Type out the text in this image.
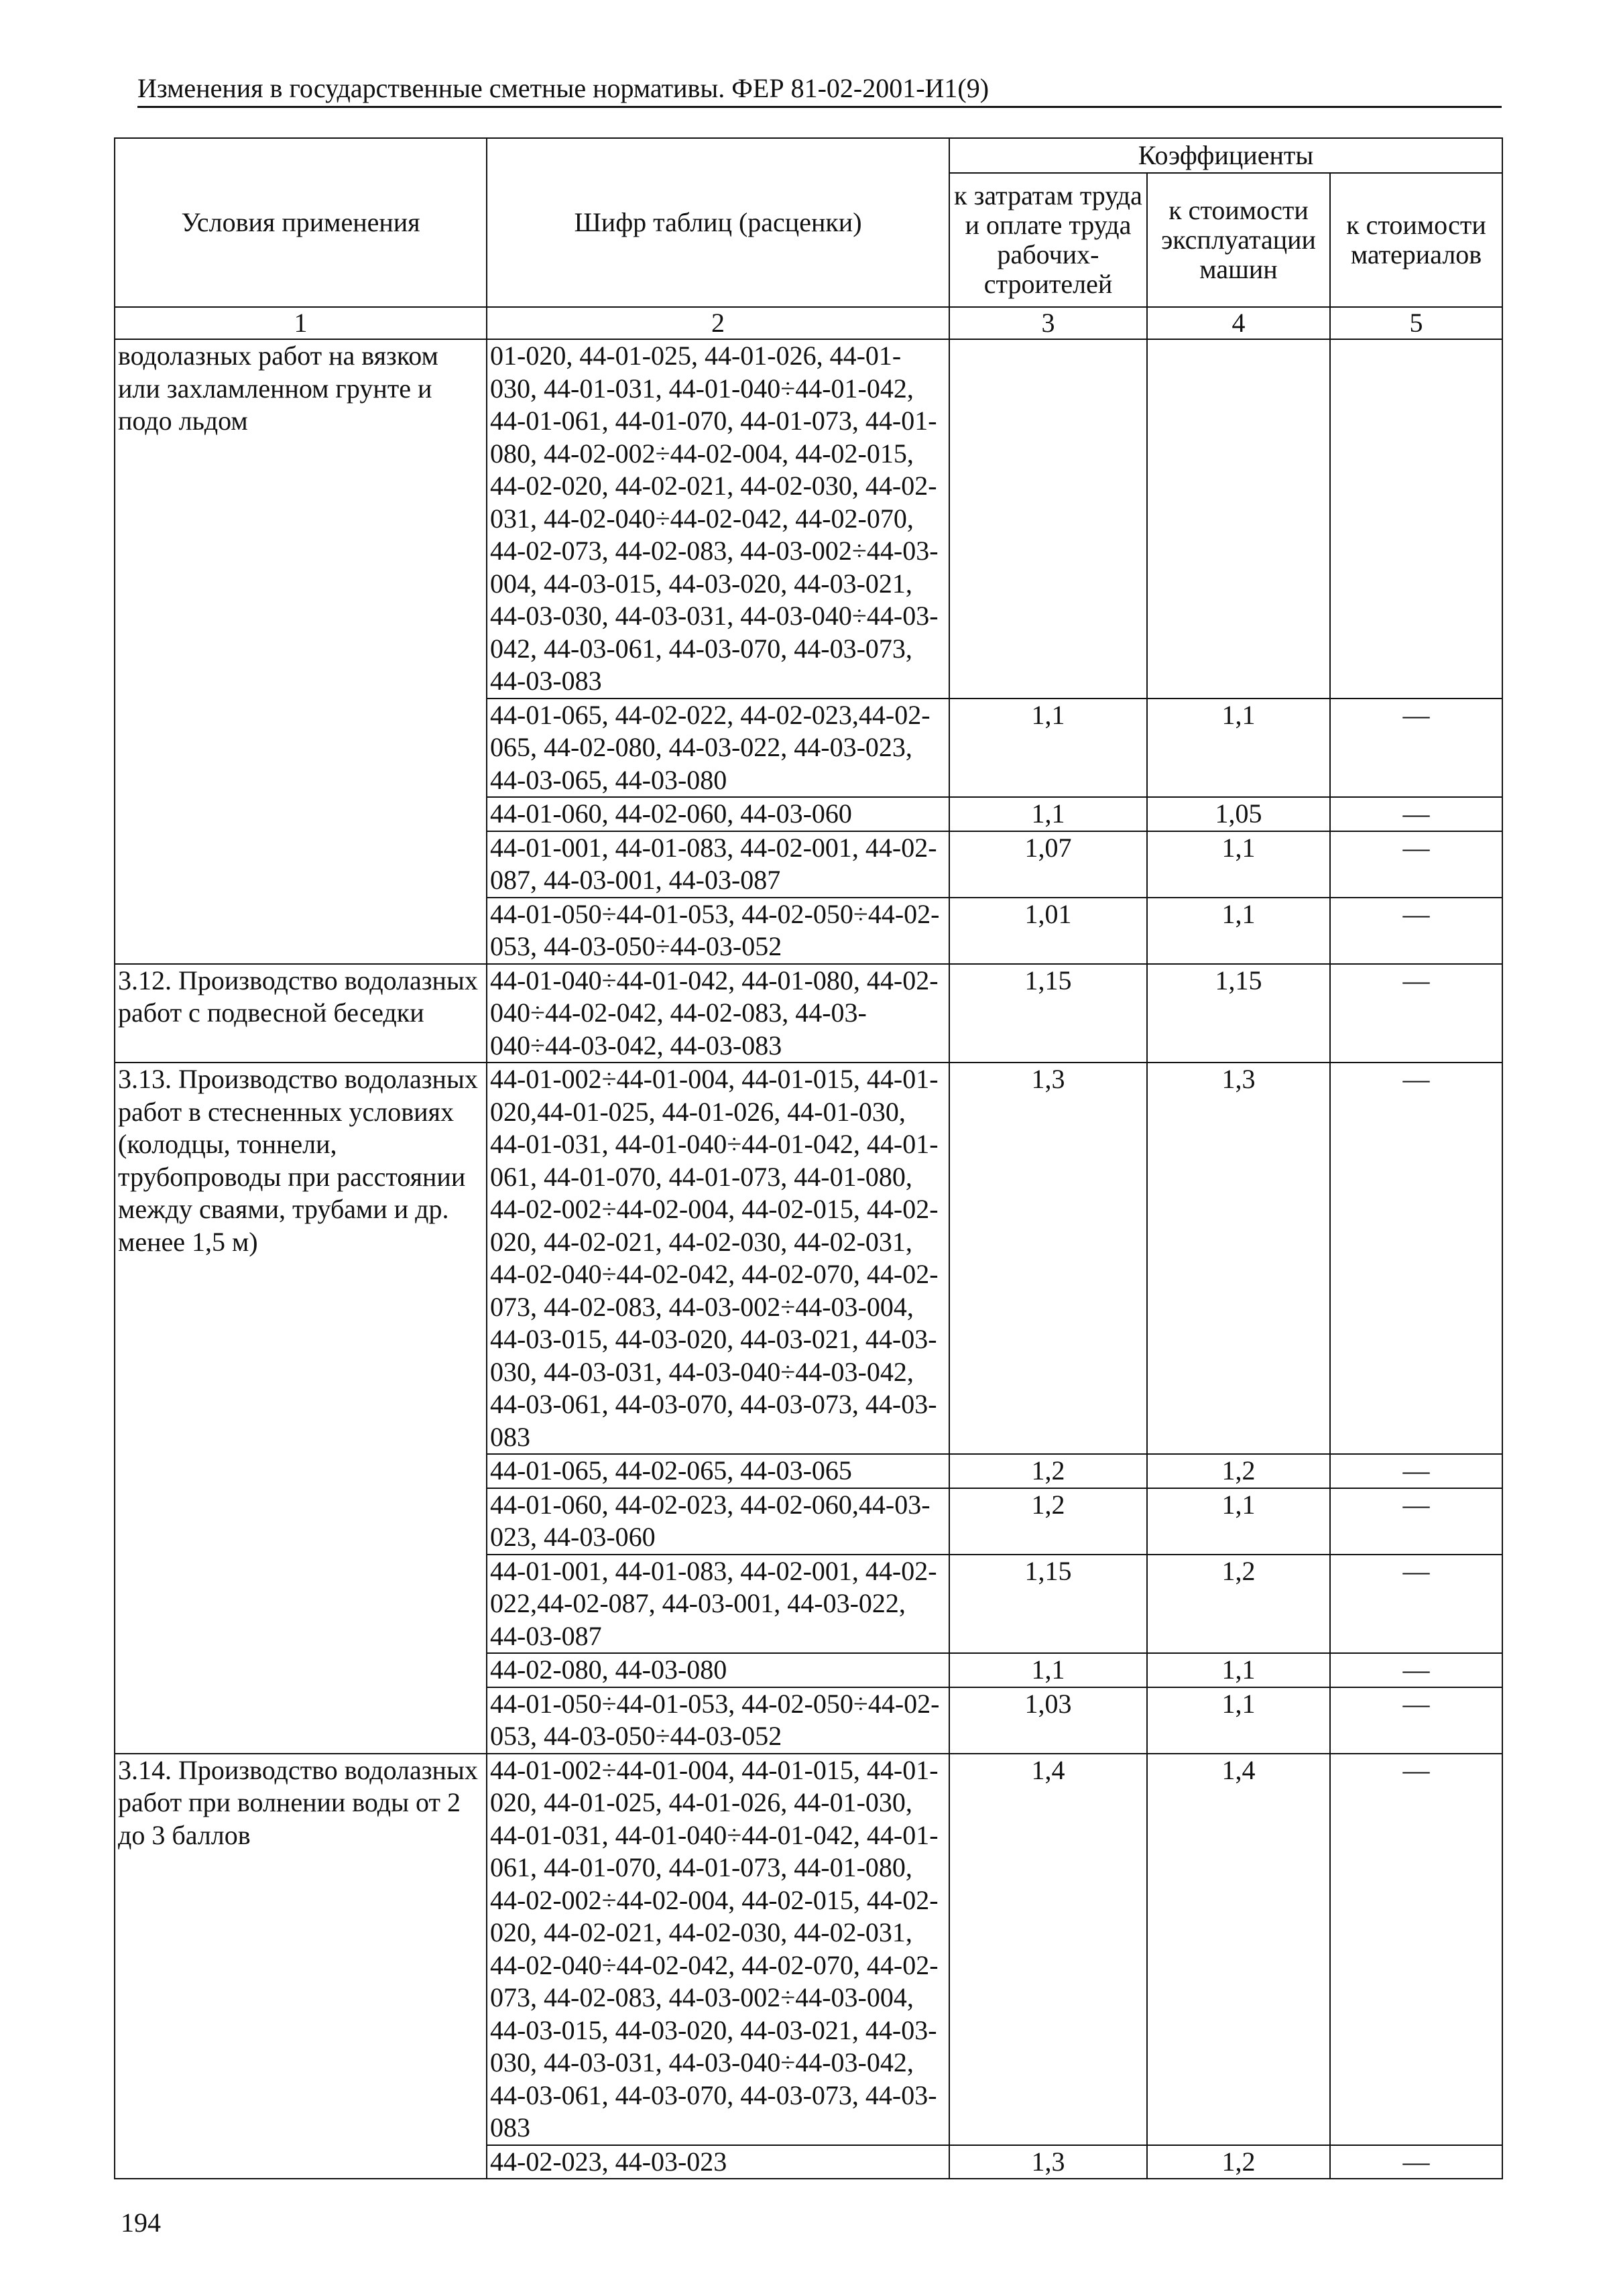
Изменения в государственные сметные нормативы. ФЕР 81-02-2001-И1(9)
Условия применения	Шифр таблиц (расценки)	Коэффициенты		
		к затратам труда и оплате труда рабочих-строителей	к стоимости эксплуатации машин	к стоимости материалов
1	2	3	4	5
водолазных работ на вязком или захламленном грунте и подо льдом	01-020, 44-01-025, 44-01-026, 44-01-030, 44-01-031, 44-01-040÷44-01-042, 44-01-061, 44-01-070, 44-01-073, 44-01-080, 44-02-002÷44-02-004, 44-02-015, 44-02-020, 44-02-021, 44-02-030, 44-02-031, 44-02-040÷44-02-042, 44-02-070, 44-02-073, 44-02-083, 44-03-002÷44-03-004, 44-03-015, 44-03-020, 44-03-021, 44-03-030, 44-03-031, 44-03-040÷44-03-042, 44-03-061, 44-03-070, 44-03-073, 44-03-083			
	44-01-065, 44-02-022, 44-02-023,44-02-065, 44-02-080, 44-03-022, 44-03-023, 44-03-065, 44-03-080	1,1	1,1	—
	44-01-060, 44-02-060, 44-03-060	1,1	1,05	—
	44-01-001, 44-01-083, 44-02-001, 44-02-087, 44-03-001, 44-03-087	1,07	1,1	—
	44-01-050÷44-01-053, 44-02-050÷44-02-053, 44-03-050÷44-03-052	1,01	1,1	—
3.12. Производство водолазных работ с подвесной беседки	44-01-040÷44-01-042, 44-01-080, 44-02-040÷44-02-042, 44-02-083, 44-03-040÷44-03-042, 44-03-083	1,15	1,15	—
3.13. Производство водолазных работ в стесненных условиях (колодцы, тоннели, трубопроводы при расстоянии между сваями, трубами и др. менее 1,5 м)	44-01-002÷44-01-004, 44-01-015, 44-01-020,44-01-025, 44-01-026, 44-01-030, 44-01-031, 44-01-040÷44-01-042, 44-01-061, 44-01-070, 44-01-073, 44-01-080, 44-02-002÷44-02-004, 44-02-015, 44-02-020, 44-02-021, 44-02-030, 44-02-031, 44-02-040÷44-02-042, 44-02-070, 44-02-073, 44-02-083, 44-03-002÷44-03-004, 44-03-015, 44-03-020, 44-03-021, 44-03-030, 44-03-031, 44-03-040÷44-03-042, 44-03-061, 44-03-070, 44-03-073, 44-03-083	1,3	1,3	—
	44-01-065, 44-02-065, 44-03-065	1,2	1,2	—
	44-01-060, 44-02-023, 44-02-060,44-03-023, 44-03-060	1,2	1,1	—
	44-01-001, 44-01-083, 44-02-001, 44-02-022,44-02-087, 44-03-001, 44-03-022, 44-03-087	1,15	1,2	—
	44-02-080, 44-03-080	1,1	1,1	—
	44-01-050÷44-01-053, 44-02-050÷44-02-053, 44-03-050÷44-03-052	1,03	1,1	—
3.14. Производство водолазных работ при волнении воды от 2 до 3 баллов	44-01-002÷44-01-004, 44-01-015, 44-01-020, 44-01-025, 44-01-026, 44-01-030, 44-01-031, 44-01-040÷44-01-042, 44-01-061, 44-01-070, 44-01-073, 44-01-080, 44-02-002÷44-02-004, 44-02-015, 44-02-020, 44-02-021, 44-02-030, 44-02-031, 44-02-040÷44-02-042, 44-02-070, 44-02-073, 44-02-083, 44-03-002÷44-03-004, 44-03-015, 44-03-020, 44-03-021, 44-03-030, 44-03-031, 44-03-040÷44-03-042, 44-03-061, 44-03-070, 44-03-073, 44-03-083	1,4	1,4	—
	44-02-023, 44-03-023	1,3	1,2	—
194
